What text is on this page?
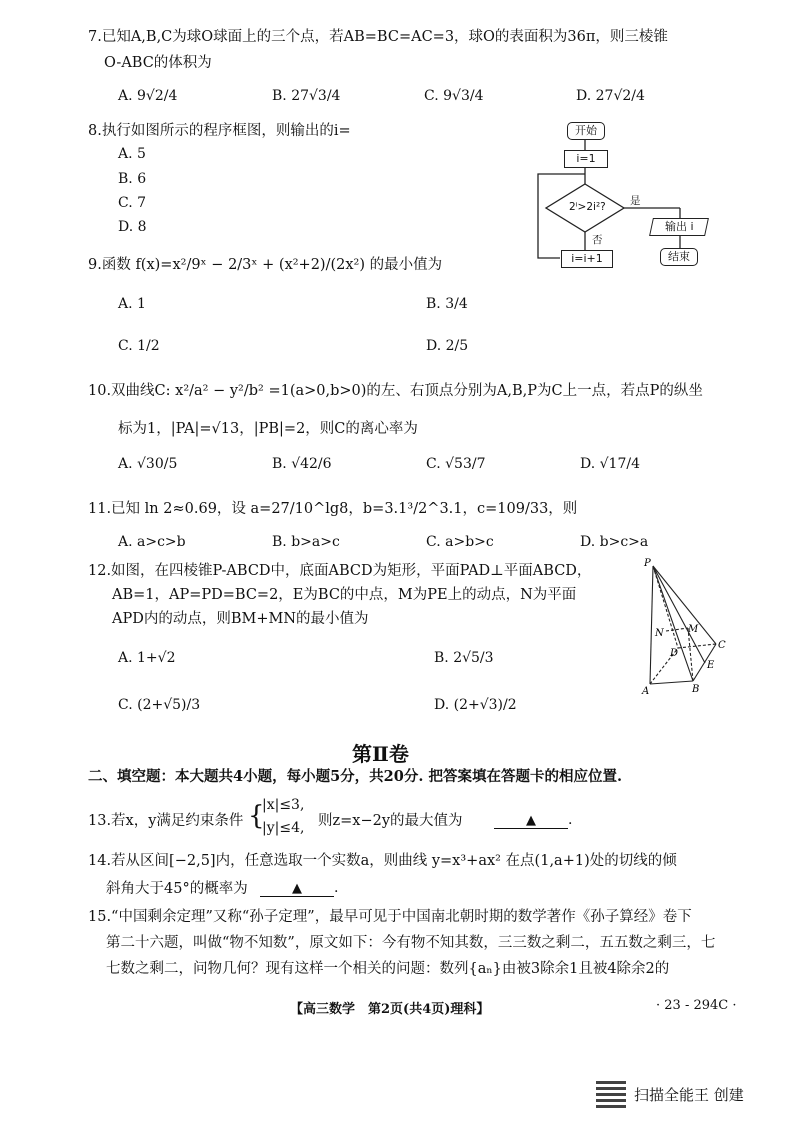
7.已知A,B,C为球O球面上的三个点，若AB=BC=AC=3，球O的表面积为36π，则三棱锥
O-ABC的体积为
A. 9√2/4	B. 27√3/4	C. 9√3/4	D. 27√2/4
8.执行如图所示的程序框图，则输出的i=
A. 5
B. 6
C. 7
D. 8
开始
i=1
2ⁱ>2i²? 是
否
输出 i
i=i+1	结束
9.函数 f(x)=x²/9ˣ − 2/3ˣ + (x²+2)/(2x²) 的最小值为
A. 1	B. 3/4
C. 1/2	D. 2/5
10.双曲线C: x²/a² − y²/b² =1(a>0,b>0)的左、右顶点分别为A,B,P为C上一点，若点P的纵坐
标为1，|PA|=√13，|PB|=2，则C的离心率为
A. √30/5	B. √42/6	C. √53/7	D. √17/4
11.已知 ln 2≈0.69，设 a=27/10^lg8，b=3.1³/2^3.1，c=109/33，则
A. a>c>b	B. b>a>c	C. a>b>c	D. b>c>a
12.如图，在四棱锥P-ABCD中，底面ABCD为矩形，平面PAD⊥平面ABCD，
AB=1，AP=PD=BC=2，E为BC的中点，M为PE上的动点，N为平面
APD内的动点，则BM+MN的最小值为
A. 1+√2	B. 2√5/3
C. (2+√5)/3	D. (2+√3)/2
P
N M
D
C
E
A	B
第Ⅱ卷
二、填空题：本大题共4小题，每小题5分，共20分. 把答案填在答题卡的相应位置.
13.若x，y满足约束条件 {
|x|≤3,
|y|≤4, 则z=x−2y的最大值为	▲ .
14.若从区间[−2,5]内，任意选取一个实数a，则曲线 y=x³+ax² 在点(1,a+1)处的切线的倾
斜角大于45°的概率为	▲ .
15.“中国剩余定理”又称“孙子定理”，最早可见于中国南北朝时期的数学著作《孙子算经》卷下
第二十六题，叫做“物不知数”，原文如下：今有物不知其数，三三数之剩二，五五数之剩三，七
七数之剩二，问物几何？现有这样一个相关的问题：数列{aₙ}由被3除余1且被4除余2的
【高三数学　第2页(共4页)理科】	· 23 - 294C ·
扫描全能王 创建
